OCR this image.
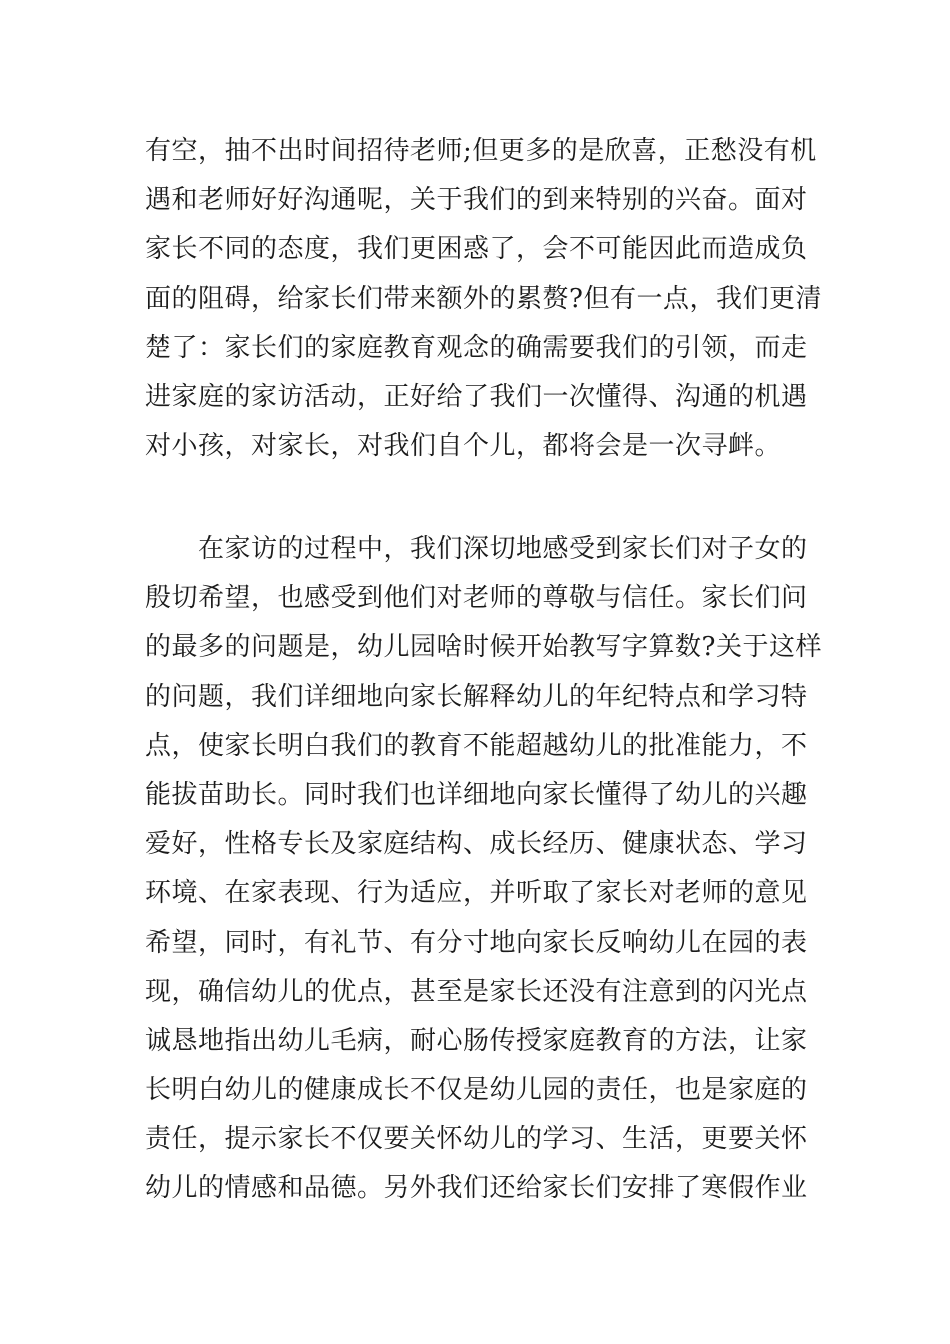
有空，抽不出时间招待老师;但更多的是欣喜，正愁没有机
遇和老师好好沟通呢，关于我们的到来特别的兴奋。面对
家长不同的态度，我们更困惑了，会不可能因此而造成负
面的阻碍，给家长们带来额外的累赘?但有一点，我们更清
楚了：家长们的家庭教育观念的确需要我们的引领，而走
进家庭的家访活动，正好给了我们一次懂得、沟通的机遇
对小孩，对家长，对我们自个儿，都将会是一次寻衅。
　　在家访的过程中，我们深切地感受到家长们对子女的
殷切希望，也感受到他们对老师的尊敬与信任。家长们问
的最多的问题是，幼儿园啥时候开始教写字算数?关于这样
的问题，我们详细地向家长解释幼儿的年纪特点和学习特
点，使家长明白我们的教育不能超越幼儿的批准能力，不
能拔苗助长。同时我们也详细地向家长懂得了幼儿的兴趣
爱好，性格专长及家庭结构、成长经历、健康状态、学习
环境、在家表现、行为适应，并听取了家长对老师的意见
希望，同时，有礼节、有分寸地向家长反响幼儿在园的表
现，确信幼儿的优点，甚至是家长还没有注意到的闪光点
诚恳地指出幼儿毛病，耐心肠传授家庭教育的方法，让家
长明白幼儿的健康成长不仅是幼儿园的责任，也是家庭的
责任，提示家长不仅要关怀幼儿的学习、生活，更要关怀
幼儿的情感和品德。另外我们还给家长们安排了寒假作业
